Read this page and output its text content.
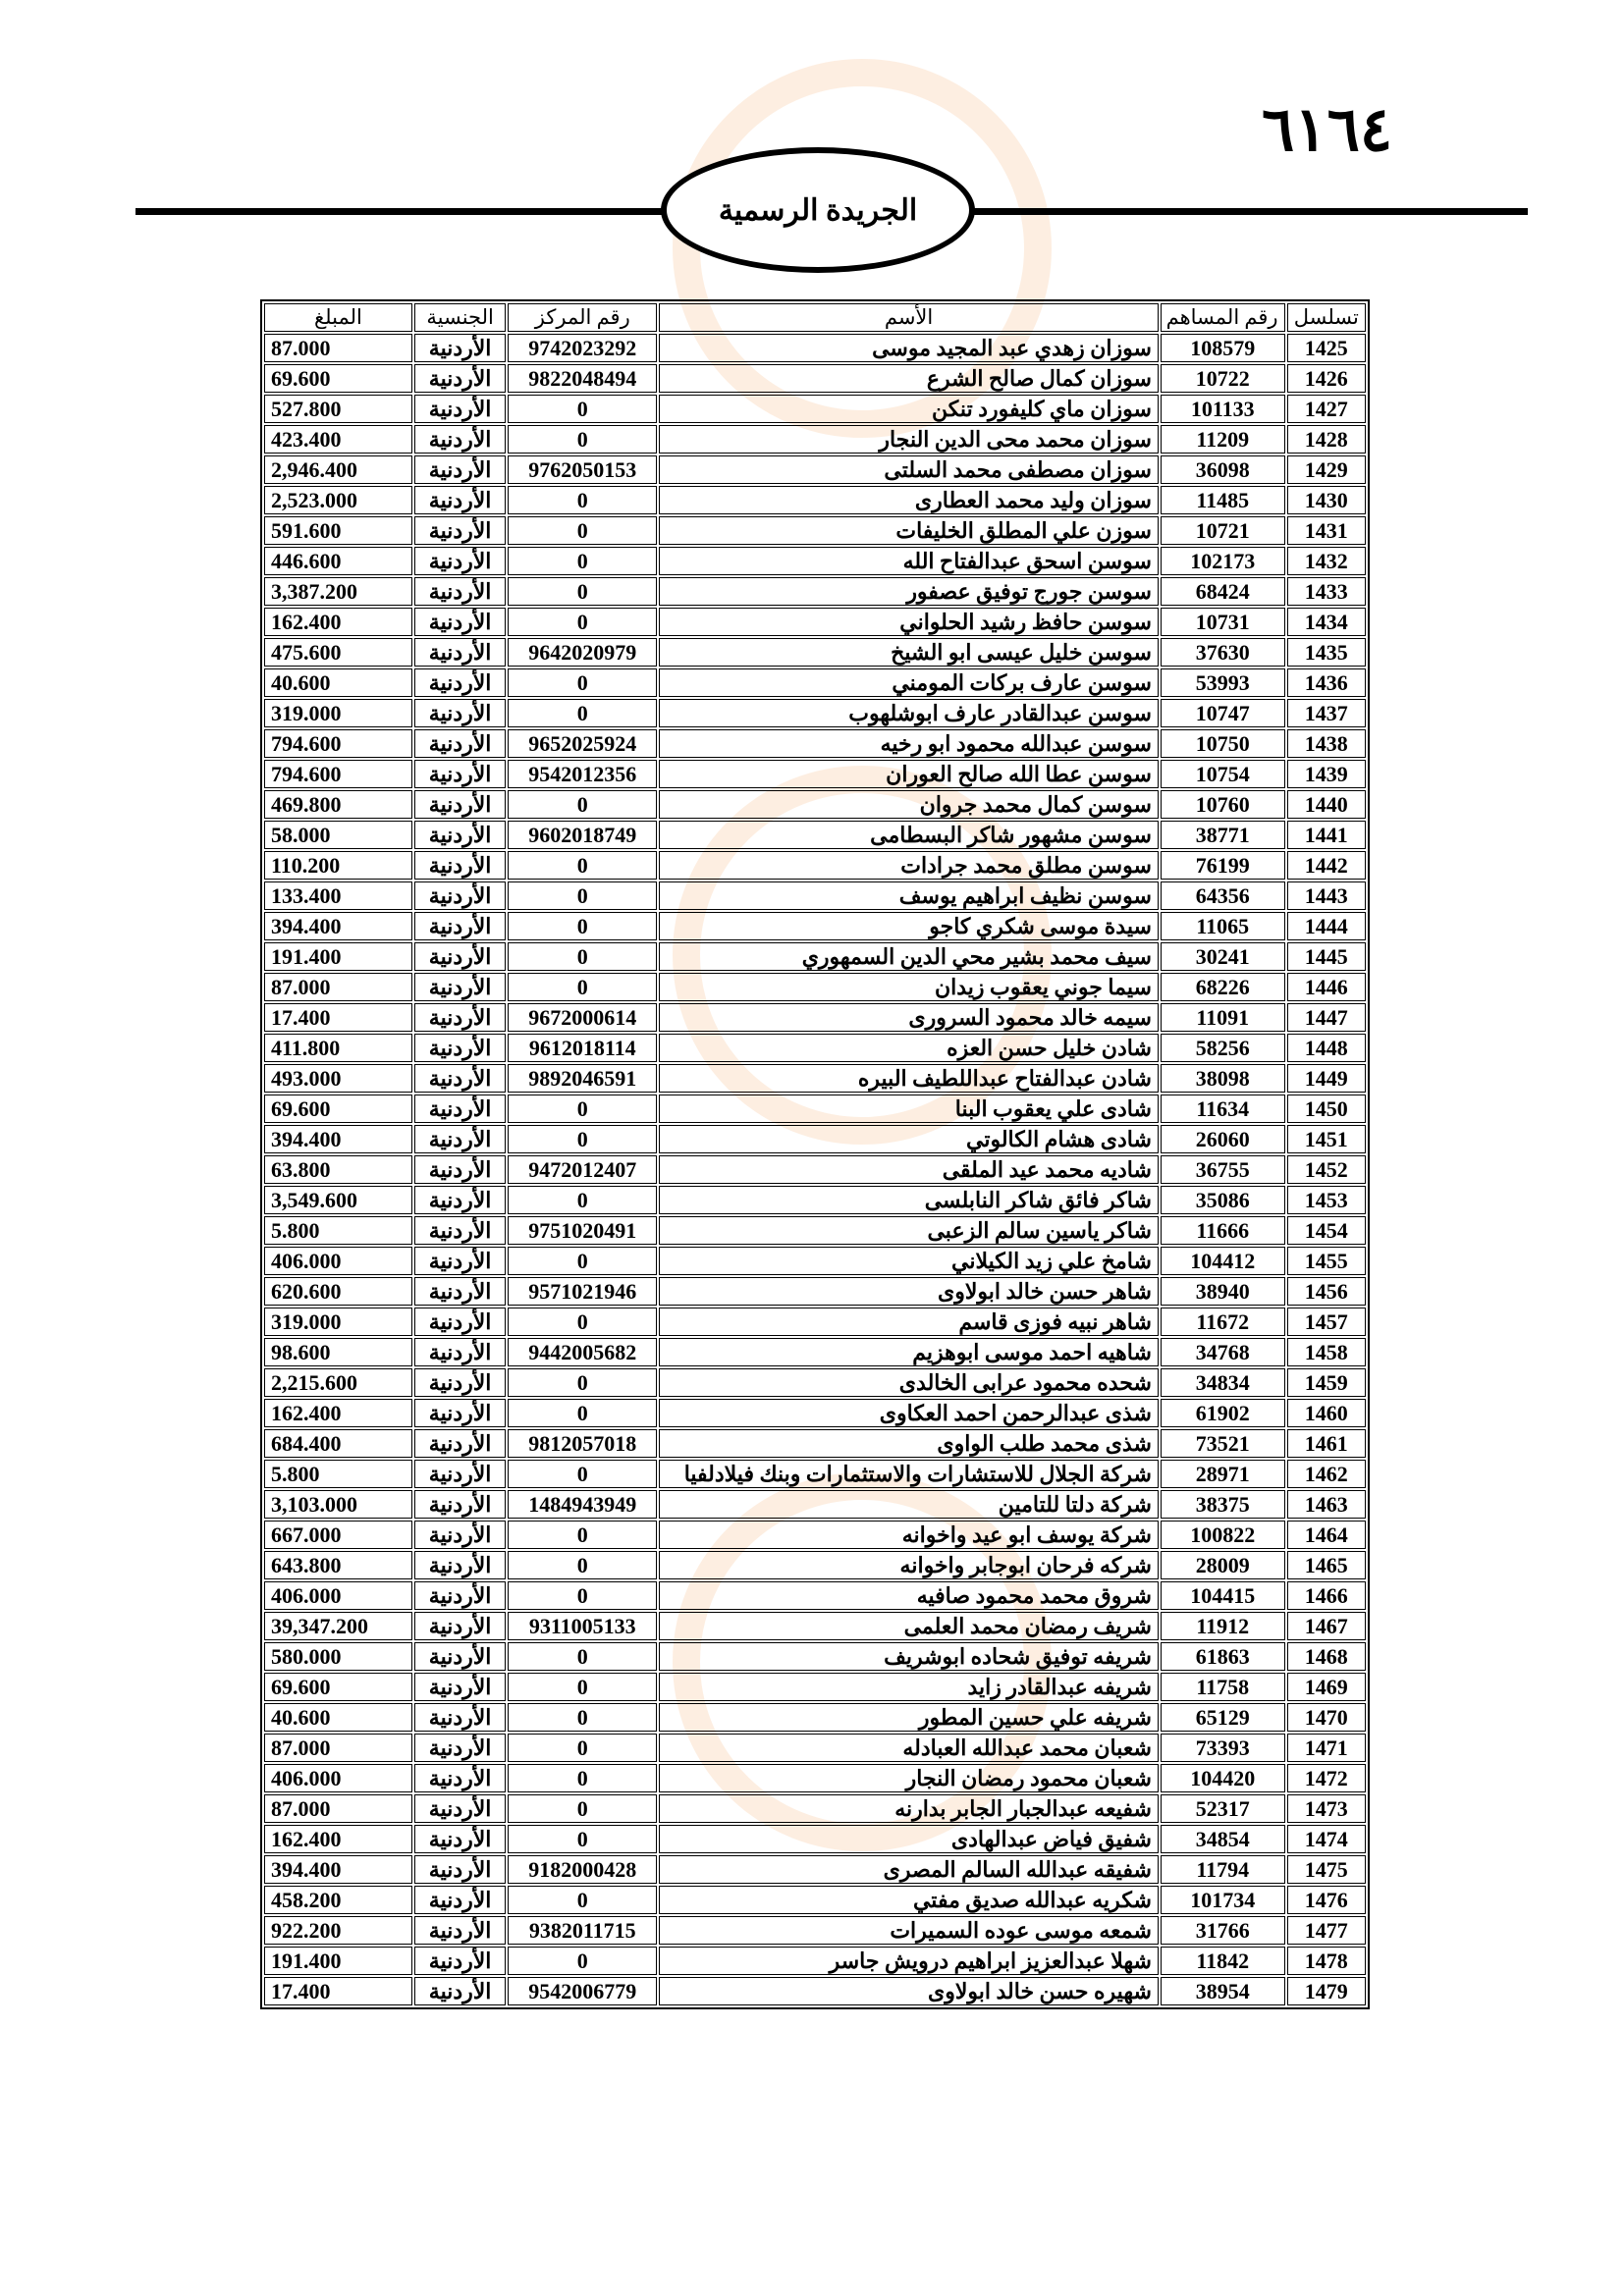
٦١٦٤
الجريدة الرسمية
تسلسل	رقم المساهم	الأسم	رقم المركز	الجنسية	المبلغ
1425	108579	سوزان زهدي عبد المجيد موسى	9742023292	الأردنية	87.000
1426	10722	سوزان كمال صالح الشرع	9822048494	الأردنية	69.600
1427	101133	سوزان ماي كليفورد تنكن	0	الأردنية	527.800
1428	11209	سوزان محمد محى الدين النجار	0	الأردنية	423.400
1429	36098	سوزان مصطفى محمد السلتى	9762050153	الأردنية	2,946.400
1430	11485	سوزان وليد محمد العطارى	0	الأردنية	2,523.000
1431	10721	سوزن علي المطلق الخليفات	0	الأردنية	591.600
1432	102173	سوسن اسحق عبدالفتاح الله	0	الأردنية	446.600
1433	68424	سوسن جورج توفيق عصفور	0	الأردنية	3,387.200
1434	10731	سوسن حافظ رشيد الحلواني	0	الأردنية	162.400
1435	37630	سوسن خليل عيسى ابو الشيخ	9642020979	الأردنية	475.600
1436	53993	سوسن عارف بركات المومني	0	الأردنية	40.600
1437	10747	سوسن عبدالقادر عارف ابوشلهوب	0	الأردنية	319.000
1438	10750	سوسن عبدالله محمود ابو رخيه	9652025924	الأردنية	794.600
1439	10754	سوسن عطا الله صالح العوران	9542012356	الأردنية	794.600
1440	10760	سوسن كمال محمد جروان	0	الأردنية	469.800
1441	38771	سوسن مشهور شاكر البسطامى	9602018749	الأردنية	58.000
1442	76199	سوسن مطلق محمد جرادات	0	الأردنية	110.200
1443	64356	سوسن نظيف ابراهيم يوسف	0	الأردنية	133.400
1444	11065	سيدة موسى شكري كاجو	0	الأردنية	394.400
1445	30241	سيف محمد بشير محي الدين السمهوري	0	الأردنية	191.400
1446	68226	سيما جوني يعقوب زيدان	0	الأردنية	87.000
1447	11091	سيمه خالد محمود السرورى	9672000614	الأردنية	17.400
1448	58256	شادن خليل حسن العزه	9612018114	الأردنية	411.800
1449	38098	شادن عبدالفتاح عبداللطيف البيره	9892046591	الأردنية	493.000
1450	11634	شادى علي يعقوب البنا	0	الأردنية	69.600
1451	26060	شادى هشام الكالوتي	0	الأردنية	394.400
1452	36755	شاديه محمد عيد الملقى	9472012407	الأردنية	63.800
1453	35086	شاكر فائق شاكر النابلسى	0	الأردنية	3,549.600
1454	11666	شاكر ياسين سالم الزعبى	9751020491	الأردنية	5.800
1455	104412	شامخ علي زيد الكيلاني	0	الأردنية	406.000
1456	38940	شاهر حسن خالد ابولاوى	9571021946	الأردنية	620.600
1457	11672	شاهر نبيه فوزى قاسم	0	الأردنية	319.000
1458	34768	شاهيه احمد موسى ابوهزيم	9442005682	الأردنية	98.600
1459	34834	شحده محمود عرابى الخالدى	0	الأردنية	2,215.600
1460	61902	شذى عبدالرحمن احمد العكاوى	0	الأردنية	162.400
1461	73521	شذى محمد طلب الواوى	9812057018	الأردنية	684.400
1462	28971	شركة الجلال للاستشارات والاستثمارات وبنك فيلادلفيا	0	الأردنية	5.800
1463	38375	شركة دلتا للتامين	1484943949	الأردنية	3,103.000
1464	100822	شركة يوسف ابو عيد واخوانه	0	الأردنية	667.000
1465	28009	شركه فرحان ابوجابر واخوانه	0	الأردنية	643.800
1466	104415	شروق محمد محمود صافيه	0	الأردنية	406.000
1467	11912	شريف رمضان محمد العلمى	9311005133	الأردنية	39,347.200
1468	61863	شريفه توفيق شحاده ابوشريف	0	الأردنية	580.000
1469	11758	شريفه عبدالقادر زايد	0	الأردنية	69.600
1470	65129	شريفه علي حسين المطور	0	الأردنية	40.600
1471	73393	شعبان محمد عبدالله العبادله	0	الأردنية	87.000
1472	104420	شعبان محمود رمضان النجار	0	الأردنية	406.000
1473	52317	شفيعه عبدالجبار الجابر بدارنه	0	الأردنية	87.000
1474	34854	شفيق فياض عبدالهادى	0	الأردنية	162.400
1475	11794	شفيقه عبدالله السالم المصرى	9182000428	الأردنية	394.400
1476	101734	شكريه عبدالله صديق مفتي	0	الأردنية	458.200
1477	31766	شمعه موسى عوده السميرات	9382011715	الأردنية	922.200
1478	11842	شهلا عبدالعزيز ابراهيم درويش جاسر	0	الأردنية	191.400
1479	38954	شهيره حسن خالد ابولاوى	9542006779	الأردنية	17.400
